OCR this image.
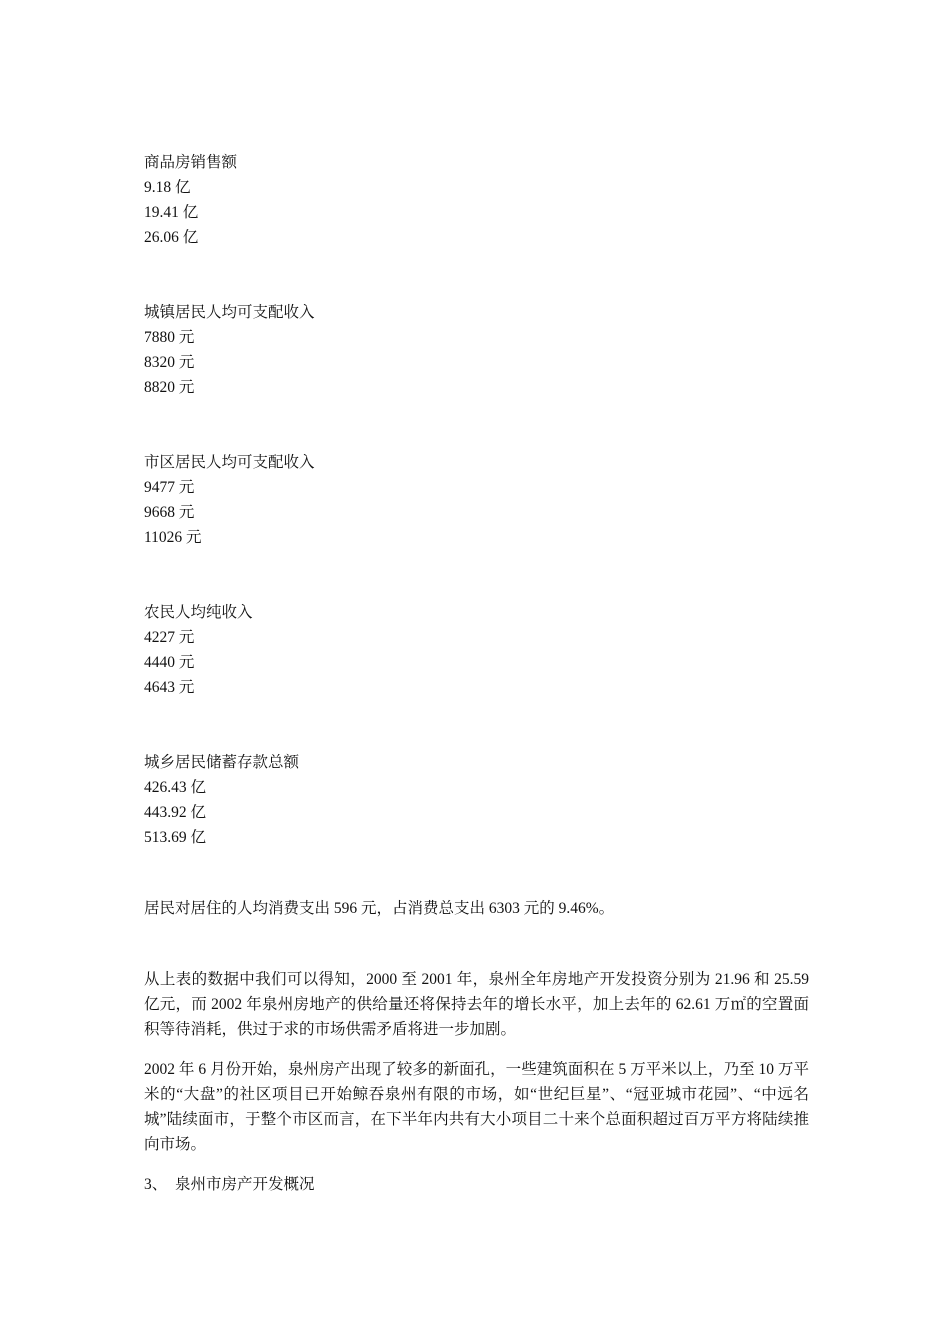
商品房销售额
9.18 亿
19.41 亿
26.06 亿
城镇居民人均可支配收入
7880 元
8320 元
8820 元
市区居民人均可支配收入
9477 元
9668 元
11026 元
农民人均纯收入
4227 元
4440 元
4643 元
城乡居民储蓄存款总额
426.43 亿
443.92 亿
513.69 亿

居民对居住的人均消费支出 596 元，占消费总支出 6303 元的 9.46%。

从上表的数据中我们可以得知，2000 至 2001 年，泉州全年房地产开发投资分别为 21.96 和 25.59 亿元，而 2002 年泉州房地产的供给量还将保持去年的增长水平，加上去年的 62.61 万㎡的空置面积等待消耗，供过于求的市场供需矛盾将进一步加剧。

2002 年 6 月份开始，泉州房产出现了较多的新面孔，一些建筑面积在 5 万平米以上，乃至 10 万平米的“大盘”的社区项目已开始鲸吞泉州有限的市场，如“世纪巨星”、“冠亚城市花园”、“中远名城”陆续面市，于整个市区而言，在下半年内共有大小项目二十来个总面积超过百万平方将陆续推向市场。

3、  泉州市房产开发概况
